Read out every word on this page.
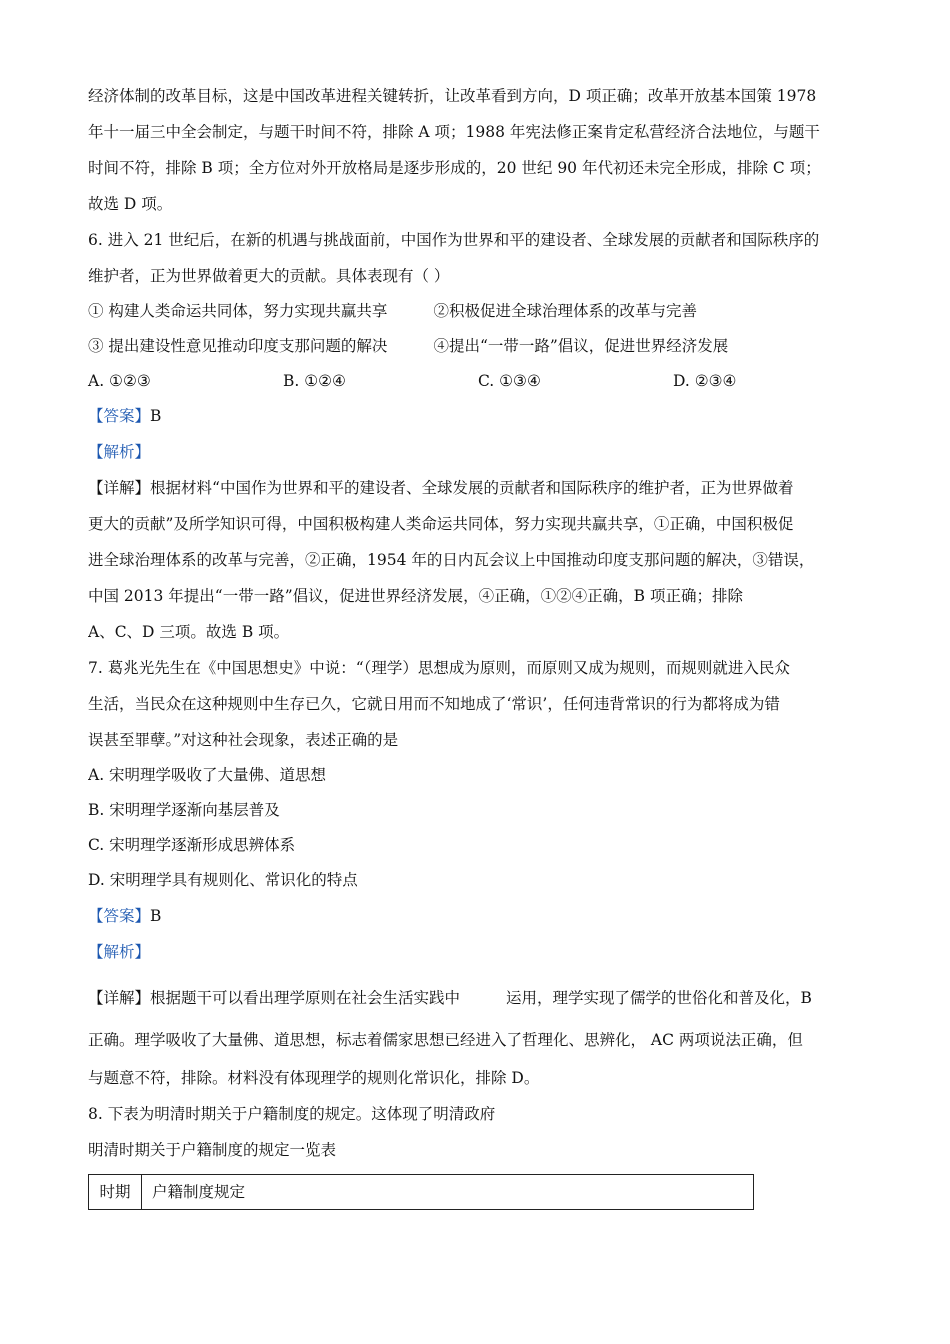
经济体制的改革目标，这是中国改革进程关键转折，让改革看到方向，D 项正确；改革开放基本国策 1978
年十一届三中全会制定，与题干时间不符，排除 A 项；1988 年宪法修正案肯定私营经济合法地位，与题干
时间不符，排除 B 项；全方位对外开放格局是逐步形成的，20 世纪 90 年代初还未完全形成，排除 C 项；
故选 D 项。
6. 进入 21 世纪后，在新的机遇与挑战面前，中国作为世界和平的建设者、全球发展的贡献者和国际秩序的
维护者，正为世界做着更大的贡献。具体表现有（ ）
① 构建人类命运共同体，努力实现共赢共享	②积极促进全球治理体系的改革与完善
③ 提出建设性意见推动印度支那问题的解决	④提出“一带一路”倡议，促进世界经济发展
A. ①②③	B. ①②④	C. ①③④	D. ②③④
【答案】B
【解析】
【详解】根据材料“中国作为世界和平的建设者、全球发展的贡献者和国际秩序的维护者，正为世界做着
更大的贡献”及所学知识可得，中国积极构建人类命运共同体，努力实现共赢共享，①正确，中国积极促
进全球治理体系的改革与完善，②正确，1954 年的日内瓦会议上中国推动印度支那问题的解决，③错误，
中国 2013 年提出“一带一路”倡议，促进世界经济发展，④正确，①②④正确，B 项正确；排除
A、C、D 三项。故选 B 项。
7. 葛兆光先生在《中国思想史》中说：“（理学）思想成为原则，而原则又成为规则，而规则就进入民众
生活，当民众在这种规则中生存已久，它就日用而不知地成了‘常识’，任何违背常识的行为都将成为错
误甚至罪孽。”对这种社会现象，表述正确的是
A. 宋明理学吸收了大量佛、道思想
B. 宋明理学逐渐向基层普及
C. 宋明理学逐渐形成思辨体系
D. 宋明理学具有规则化、常识化的特点
【答案】B
【解析】
【详解】根据题干可以看出理学原则在社会生活实践中	运用，理学实现了儒学的世俗化和普及化，B
正确。理学吸收了大量佛、道思想，标志着儒家思想已经进入了哲理化、思辨化， AC 两项说法正确，但
与题意不符，排除。材料没有体现理学的规则化常识化，排除 D。
8. 下表为明清时期关于户籍制度的规定。这体现了明清政府
明清时期关于户籍制度的规定一览表
时期	户籍制度规定
